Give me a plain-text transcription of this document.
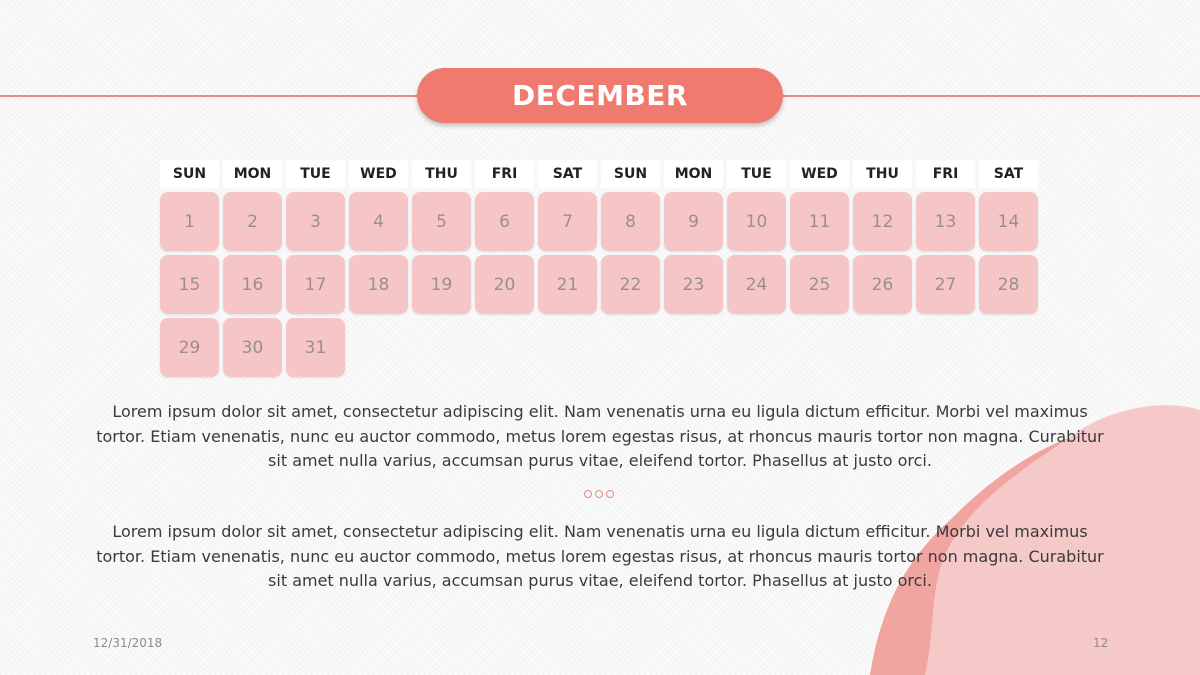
DECEMBER
SUN	MON	TUE	WED	THU	FRI	SAT	SUN	MON	TUE	WED	THU	FRI	SAT
1	2	3	4	5	6	7	8	9	10	11	12	13	14
15	16	17	18	19	20	21	22	23	24	25	26	27	28
29	30	31
Lorem ipsum dolor sit amet, consectetur adipiscing elit. Nam venenatis urna eu ligula dictum efficitur. Morbi vel maximus tortor. Etiam venenatis, nunc eu auctor commodo, metus lorem egestas risus, at rhoncus mauris tortor non magna. Curabitur sit amet nulla varius, accumsan purus vitae, eleifend tortor. Phasellus at justo orci.
Lorem ipsum dolor sit amet, consectetur adipiscing elit. Nam venenatis urna eu ligula dictum efficitur. Morbi vel maximus tortor. Etiam venenatis, nunc eu auctor commodo, metus lorem egestas risus, at rhoncus mauris tortor non magna. Curabitur sit amet nulla varius, accumsan purus vitae, eleifend tortor. Phasellus at justo orci.
12/31/2018	12
